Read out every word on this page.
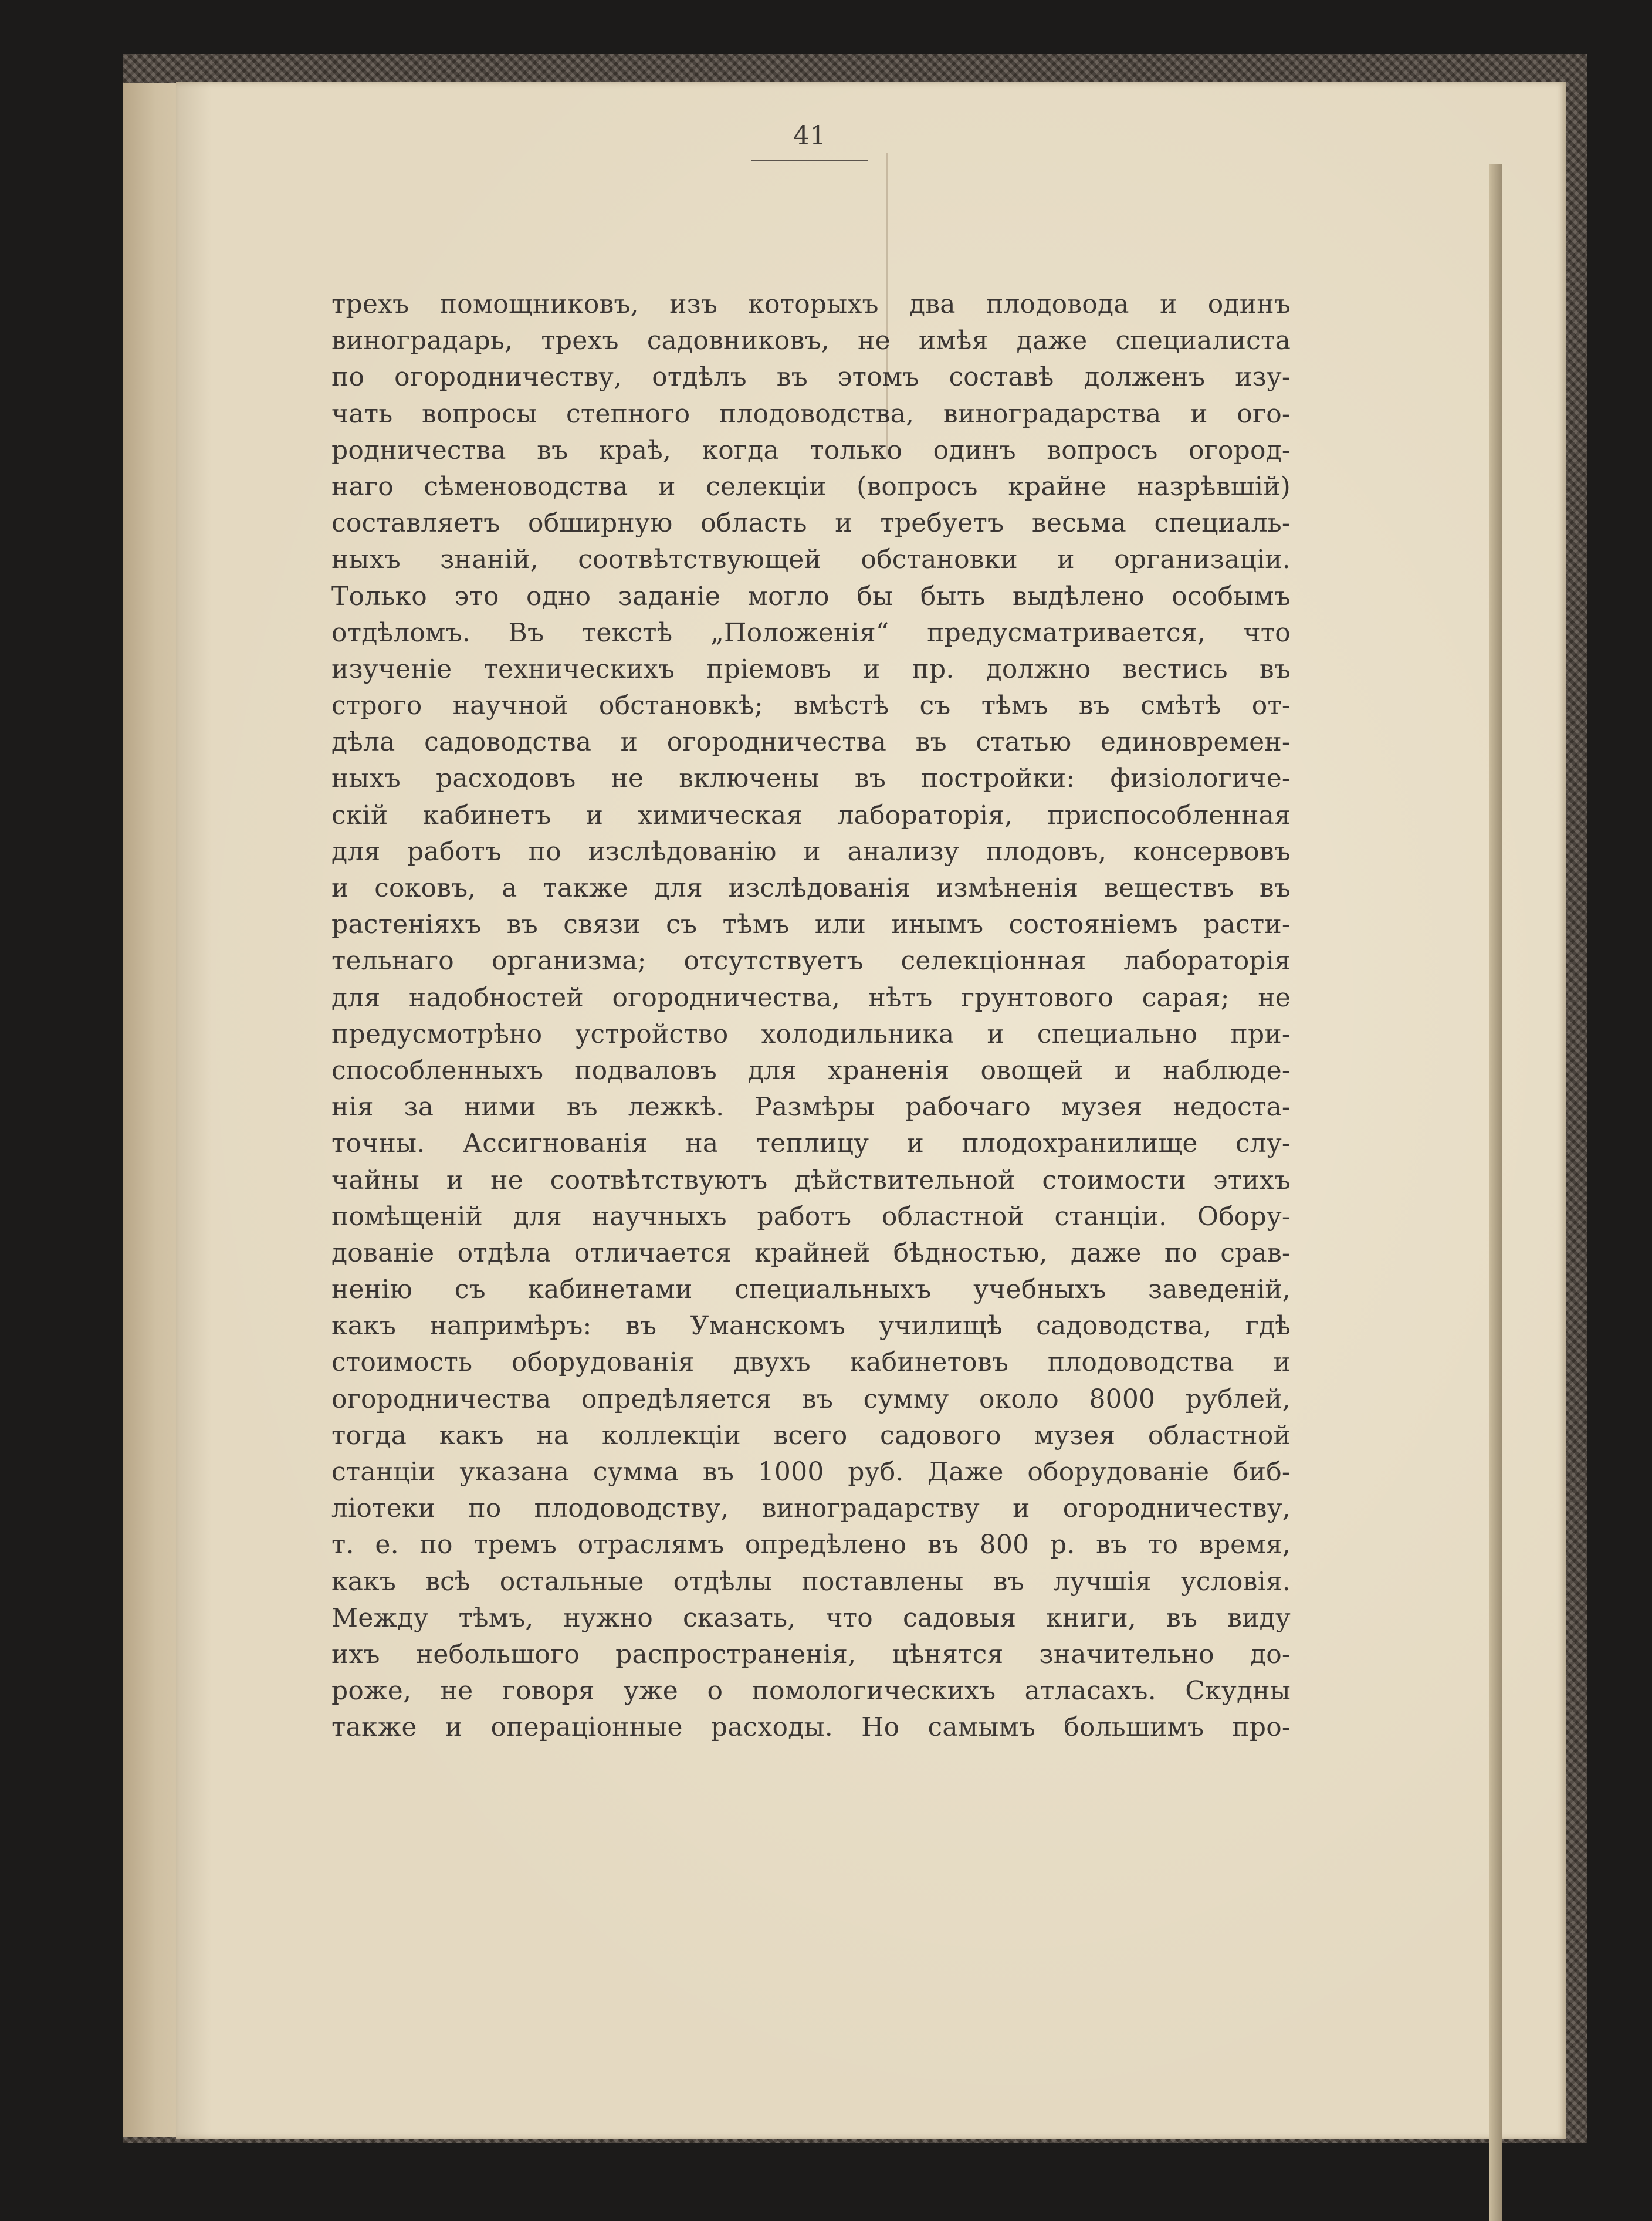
41
трехъ помощниковъ, изъ которыхъ два плодовода и одинъ
виноградарь, трехъ садовниковъ, не имѣя даже специалиста
по огородничеству, отдѣлъ въ этомъ составѣ долженъ изу-
чать вопросы степного плодоводства, виноградарства и ого-
родничества въ краѣ, когда только одинъ вопросъ огород-
наго сѣменоводства и селекціи (вопросъ крайне назрѣвшій)
составляетъ обширную область и требуетъ весьма специаль-
ныхъ знаній, соотвѣтствующей обстановки и организаціи.
Только это одно заданіе могло бы быть выдѣлено особымъ
отдѣломъ. Въ текстѣ „Положенія“ предусматривается, что
изученіе техническихъ пріемовъ и пр. должно вестись въ
строго научной обстановкѣ; вмѣстѣ съ тѣмъ въ смѣтѣ от-
дѣла садоводства и огородничества въ статью единовремен-
ныхъ расходовъ не включены въ постройки: физіологиче-
скій кабинетъ и химическая лабораторія, приспособленная
для работъ по изслѣдованію и анализу плодовъ, консервовъ
и соковъ, а также для изслѣдованія измѣненія веществъ въ
растеніяхъ въ связи съ тѣмъ или инымъ состояніемъ расти-
тельнаго организма; отсутствуетъ селекціонная лабораторія
для надобностей огородничества, нѣтъ грунтового сарая; не
предусмотрѣно устройство холодильника и специально при-
способленныхъ подваловъ для храненія овощей и наблюде-
нія за ними въ лежкѣ. Размѣры рабочаго музея недоста-
точны. Ассигнованія на теплицу и плодохранилище слу-
чайны и не соотвѣтствуютъ дѣйствительной стоимости этихъ
помѣщеній для научныхъ работъ областной станціи. Обору-
дованіе отдѣла отличается крайней бѣдностью, даже по срав-
ненію съ кабинетами специальныхъ учебныхъ заведеній,
какъ напримѣръ: въ Уманскомъ училищѣ садоводства, гдѣ
стоимость оборудованія двухъ кабинетовъ плодоводства и
огородничества опредѣляется въ сумму около 8000 рублей,
тогда какъ на коллекціи всего садового музея областной
станціи указана сумма въ 1000 руб. Даже оборудованіе биб-
ліотеки по плодоводству, виноградарству и огородничеству,
т. е. по тремъ отраслямъ опредѣлено въ 800 р. въ то время,
какъ всѣ остальные отдѣлы поставлены въ лучшія условія.
Между тѣмъ, нужно сказать, что садовыя книги, въ виду
ихъ небольшого распространенія, цѣнятся значительно до-
роже, не говоря уже о помологическихъ атласахъ. Скудны
также и операціонные расходы. Но самымъ большимъ про-
